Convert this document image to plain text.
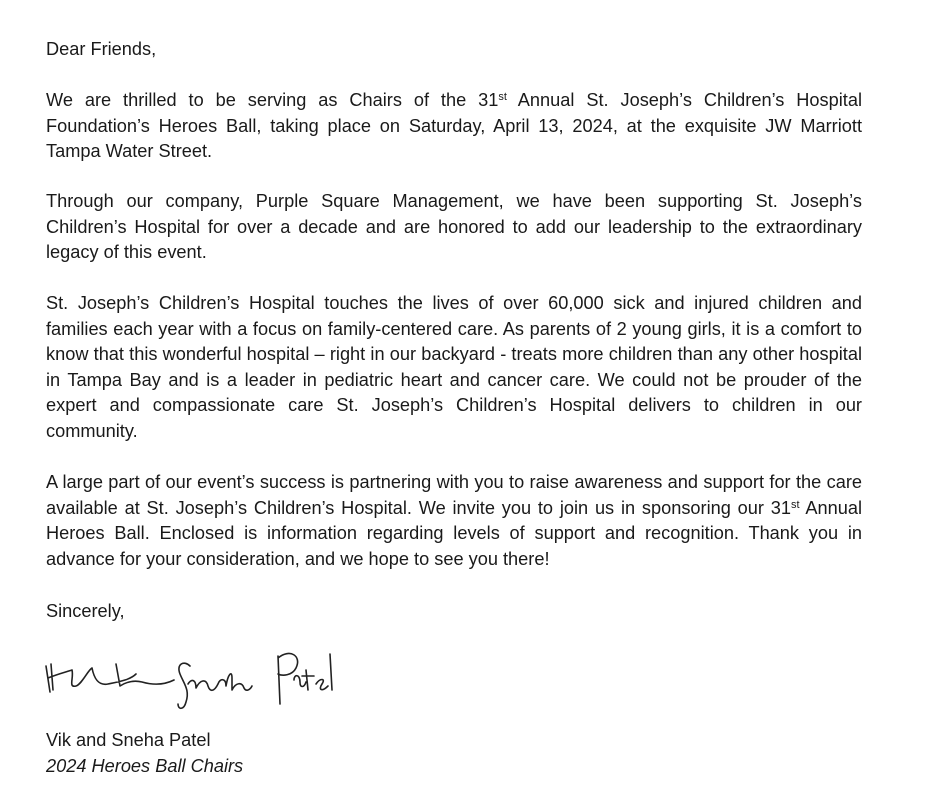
Dear Friends,

We are thrilled to be serving as Chairs of the 31st Annual St. Joseph’s Children’s Hospital Foundation’s Heroes Ball, taking place on Saturday, April 13, 2024, at the exquisite JW Marriott Tampa Water Street.

Through our company, Purple Square Management, we have been supporting St. Joseph’s Children’s Hospital for over a decade and are honored to add our leadership to the extraordinary legacy of this event.

St. Joseph’s Children’s Hospital touches the lives of over 60,000 sick and injured children and families each year with a focus on family-centered care. As parents of 2 young girls, it is a comfort to know that this wonderful hospital – right in our backyard - treats more children than any other hospital in Tampa Bay and is a leader in pediatric heart and cancer care. We could not be prouder of the expert and compassionate care St. Joseph’s Children’s Hospital delivers to children in our community.

A large part of our event’s success is partnering with you to raise awareness and support for the care available at St. Joseph’s Children’s Hospital. We invite you to join us in sponsoring our 31st Annual Heroes Ball. Enclosed is information regarding levels of support and recognition. Thank you in advance for your consideration, and we hope to see you there!

Sincerely,

Vik and Sneha Patel

2024 Heroes Ball Chairs
